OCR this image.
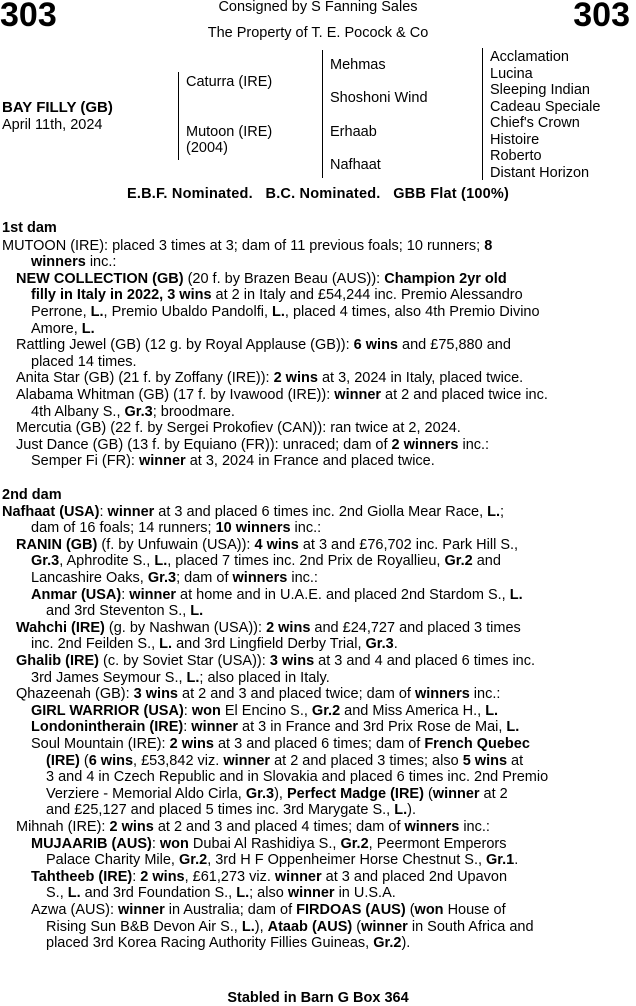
303	303
Consigned by S Fanning Sales
The Property of T. E. Pocock & Co
BAY FILLY (GB)
April 11th, 2024
Caturra (IRE)
Mutoon (IRE)
(2004)
Mehmas
Shoshoni Wind
Erhaab
Nafhaat
Acclamation
Lucina
Sleeping Indian
Cadeau Speciale
Chief's Crown
Histoire
Roberto
Distant Horizon
E.B.F. Nominated.   B.C. Nominated.   GBB Flat (100%)
1st dam
MUTOON (IRE): placed 3 times at 3; dam of 11 previous foals; 10 runners; 8
winners inc.:
NEW COLLECTION (GB) (20 f. by Brazen Beau (AUS)): Champion 2yr old
filly in Italy in 2022, 3 wins at 2 in Italy and £54,244 inc. Premio Alessandro
Perrone, L., Premio Ubaldo Pandolfi, L., placed 4 times, also 4th Premio Divino
Amore, L.
Rattling Jewel (GB) (12 g. by Royal Applause (GB)): 6 wins and £75,880 and
placed 14 times.
Anita Star (GB) (21 f. by Zoffany (IRE)): 2 wins at 3, 2024 in Italy, placed twice.
Alabama Whitman (GB) (17 f. by Ivawood (IRE)): winner at 2 and placed twice inc.
4th Albany S., Gr.3; broodmare.
Mercutia (GB) (22 f. by Sergei Prokofiev (CAN)): ran twice at 2, 2024.
Just Dance (GB) (13 f. by Equiano (FR)): unraced; dam of 2 winners inc.:
Semper Fi (FR): winner at 3, 2024 in France and placed twice.
2nd dam
Nafhaat (USA): winner at 3 and placed 6 times inc. 2nd Giolla Mear Race, L.;
dam of 16 foals; 14 runners; 10 winners inc.:
RANIN (GB) (f. by Unfuwain (USA)): 4 wins at 3 and £76,702 inc. Park Hill S.,
Gr.3, Aphrodite S., L., placed 7 times inc. 2nd Prix de Royallieu, Gr.2 and
Lancashire Oaks, Gr.3; dam of winners inc.:
Anmar (USA): winner at home and in U.A.E. and placed 2nd Stardom S., L.
and 3rd Steventon S., L.
Wahchi (IRE) (g. by Nashwan (USA)): 2 wins and £24,727 and placed 3 times
inc. 2nd Feilden S., L. and 3rd Lingfield Derby Trial, Gr.3.
Ghalib (IRE) (c. by Soviet Star (USA)): 3 wins at 3 and 4 and placed 6 times inc.
3rd James Seymour S., L.; also placed in Italy.
Qhazeenah (GB): 3 wins at 2 and 3 and placed twice; dam of winners inc.:
GIRL WARRIOR (USA): won El Encino S., Gr.2 and Miss America H., L.
Londonintherain (IRE): winner at 3 in France and 3rd Prix Rose de Mai, L.
Soul Mountain (IRE): 2 wins at 3 and placed 6 times; dam of French Quebec
(IRE) (6 wins, £53,842 viz. winner at 2 and placed 3 times; also 5 wins at
3 and 4 in Czech Republic and in Slovakia and placed 6 times inc. 2nd Premio
Verziere - Memorial Aldo Cirla, Gr.3), Perfect Madge (IRE) (winner at 2
and £25,127 and placed 5 times inc. 3rd Marygate S., L.).
Mihnah (IRE): 2 wins at 2 and 3 and placed 4 times; dam of winners inc.:
MUJAARIB (AUS): won Dubai Al Rashidiya S., Gr.2, Peermont Emperors
Palace Charity Mile, Gr.2, 3rd H F Oppenheimer Horse Chestnut S., Gr.1.
Tahtheeb (IRE): 2 wins, £61,273 viz. winner at 3 and placed 2nd Upavon
S., L. and 3rd Foundation S., L.; also winner in U.S.A.
Azwa (AUS): winner in Australia; dam of FIRDOAS (AUS) (won House of
Rising Sun B&B Devon Air S., L.), Ataab (AUS) (winner in South Africa and
placed 3rd Korea Racing Authority Fillies Guineas, Gr.2).
Stabled in Barn G Box 364
